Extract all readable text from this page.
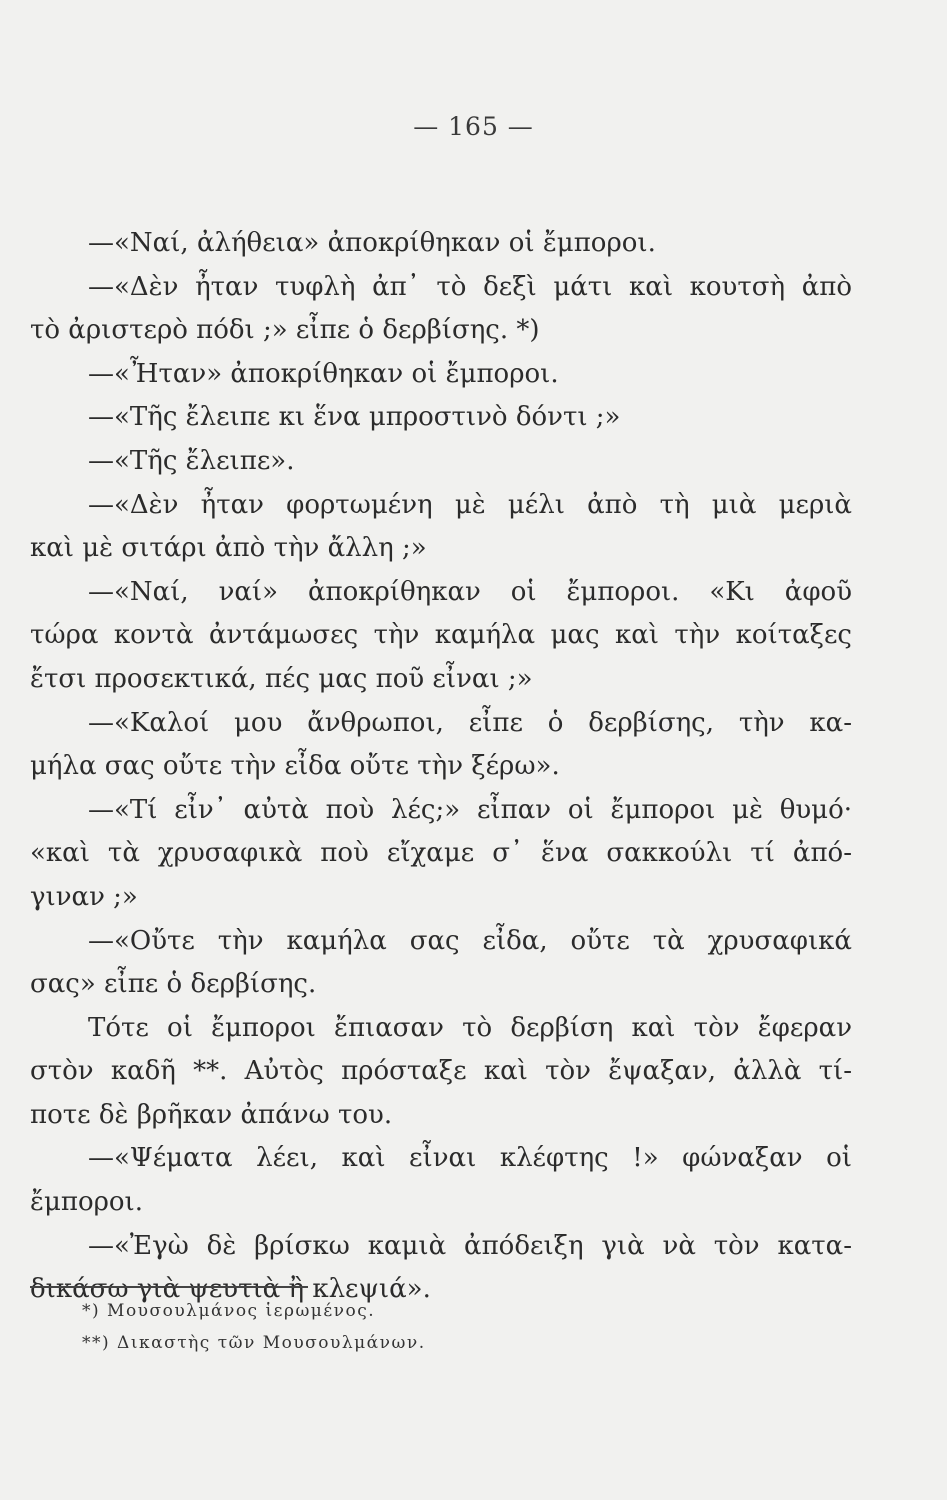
— 165 —
—«Ναί, ἀλήθεια» ἀποκρίθηκαν οἱ ἔμποροι.
—«Δὲν ἦταν τυφλὴ ἀπ᾽ τὸ δεξὶ μάτι καὶ κουτσὴ ἀπὸ
τὸ ἀριστερὸ πόδι ;» εἶπε ὁ δερβίσης. *)
—«Ἦταν» ἀποκρίθηκαν οἱ ἔμποροι.
—«Τῆς ἔλειπε κι ἕνα μπροστινὸ δόντι ;»
—«Τῆς ἔλειπε».
—«Δὲν ἦταν φορτωμένη μὲ μέλι ἀπὸ τὴ μιὰ μεριὰ
καὶ μὲ σιτάρι ἀπὸ τὴν ἄλλη ;»
—«Ναί, ναί» ἀποκρίθηκαν οἱ ἔμποροι. «Κι ἀφοῦ
τώρα κοντὰ ἀντάμωσες τὴν καμήλα μας καὶ τὴν κοίταξες
ἔτσι προσεκτικά, πές μας ποῦ εἶναι ;»
—«Καλοί μου ἄνθρωποι, εἶπε ὁ δερβίσης, τὴν κα-
μήλα σας οὔτε τὴν εἶδα οὔτε τὴν ξέρω».
—«Τί εἶν᾽ αὐτὰ ποὺ λές;» εἶπαν οἱ ἔμποροι μὲ θυμό·
«καὶ τὰ χρυσαφικὰ ποὺ εἴχαμε σ᾽ ἕνα σακκούλι τί ἀπό-
γιναν ;»
—«Οὔτε τὴν καμήλα σας εἶδα, οὔτε τὰ χρυσαφικά
σας» εἶπε ὁ δερβίσης.
Τότε οἱ ἔμποροι ἔπιασαν τὸ δερβίση καὶ τὸν ἔφεραν
στὸν καδῆ **. Αὐτὸς πρόσταξε καὶ τὸν ἔψαξαν, ἀλλὰ τί-
ποτε δὲ βρῆκαν ἀπάνω του.
—«Ψέματα λέει, καὶ εἶναι κλέφτης !» φώναξαν οἱ
ἔμποροι.
—«Ἐγὼ δὲ βρίσκω καμιὰ ἀπόδειξη γιὰ νὰ τὸν κατα-
δικάσω γιὰ ψευτιὰ ἢ κλεψιά».
*) Μουσουλμάνος ἱερωμένος.
**) Δικαστὴς τῶν Μουσουλμάνων.
